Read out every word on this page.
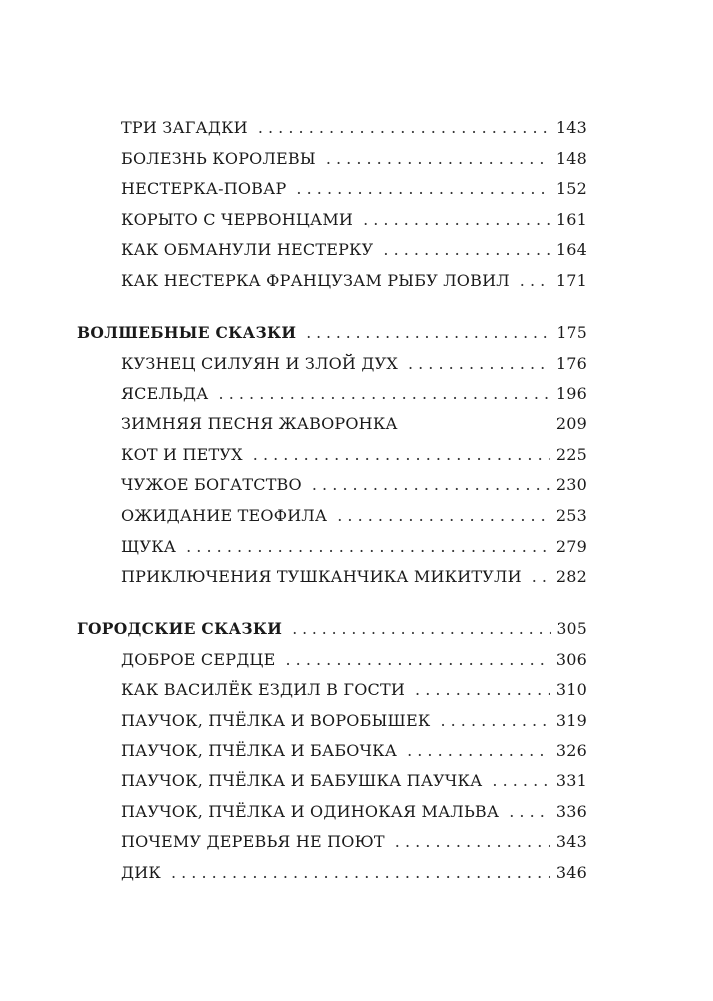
ТРИ ЗАГАДКИ . . .	143
БОЛЕЗНЬ КОРОЛЕВЫ . . .	148
НЕСТЕРКА-ПОВАР . . .	152
КОРЫТО С ЧЕРВОНЦАМИ . . .	161
КАК ОБМАНУЛИ НЕСТЕРКУ . . .	164
КАК НЕСТЕРКА ФРАНЦУЗАМ РЫБУ ЛОВИЛ . . .	171
ВОЛШЕБНЫЕ СКАЗКИ . . .	175
КУЗНЕЦ СИЛУЯН И ЗЛОЙ ДУХ . . .	176
ЯСЕЛЬДА . . .	196
ЗИМНЯЯ ПЕСНЯ ЖАВОРОНКА	209
КОТ И ПЕТУХ . . .	225
ЧУЖОЕ БОГАТСТВО . . .	230
ОЖИДАНИЕ ТЕОФИЛА . . .	253
ЩУКА . . .	279
ПРИКЛЮЧЕНИЯ ТУШКАНЧИКА МИКИТУЛИ . . . 282
ГОРОДСКИЕ СКАЗКИ . . .	305
ДОБРОЕ СЕРДЦЕ . . .	306
КАК ВАСИЛЁК ЕЗДИЛ В ГОСТИ . . .	310
ПАУЧОК, ПЧЁЛКА И ВОРОБЫШЕК . . .	319
ПАУЧОК, ПЧЁЛКА И БАБОЧКА . . .	326
ПАУЧОК, ПЧЁЛКА И БАБУШКА ПАУЧКА . . .	331
ПАУЧОК, ПЧЁЛКА И ОДИНОКАЯ МАЛЬВА . . .	336
ПОЧЕМУ ДЕРЕВЬЯ НЕ ПОЮТ . . .	343
ДИК . . .	346
